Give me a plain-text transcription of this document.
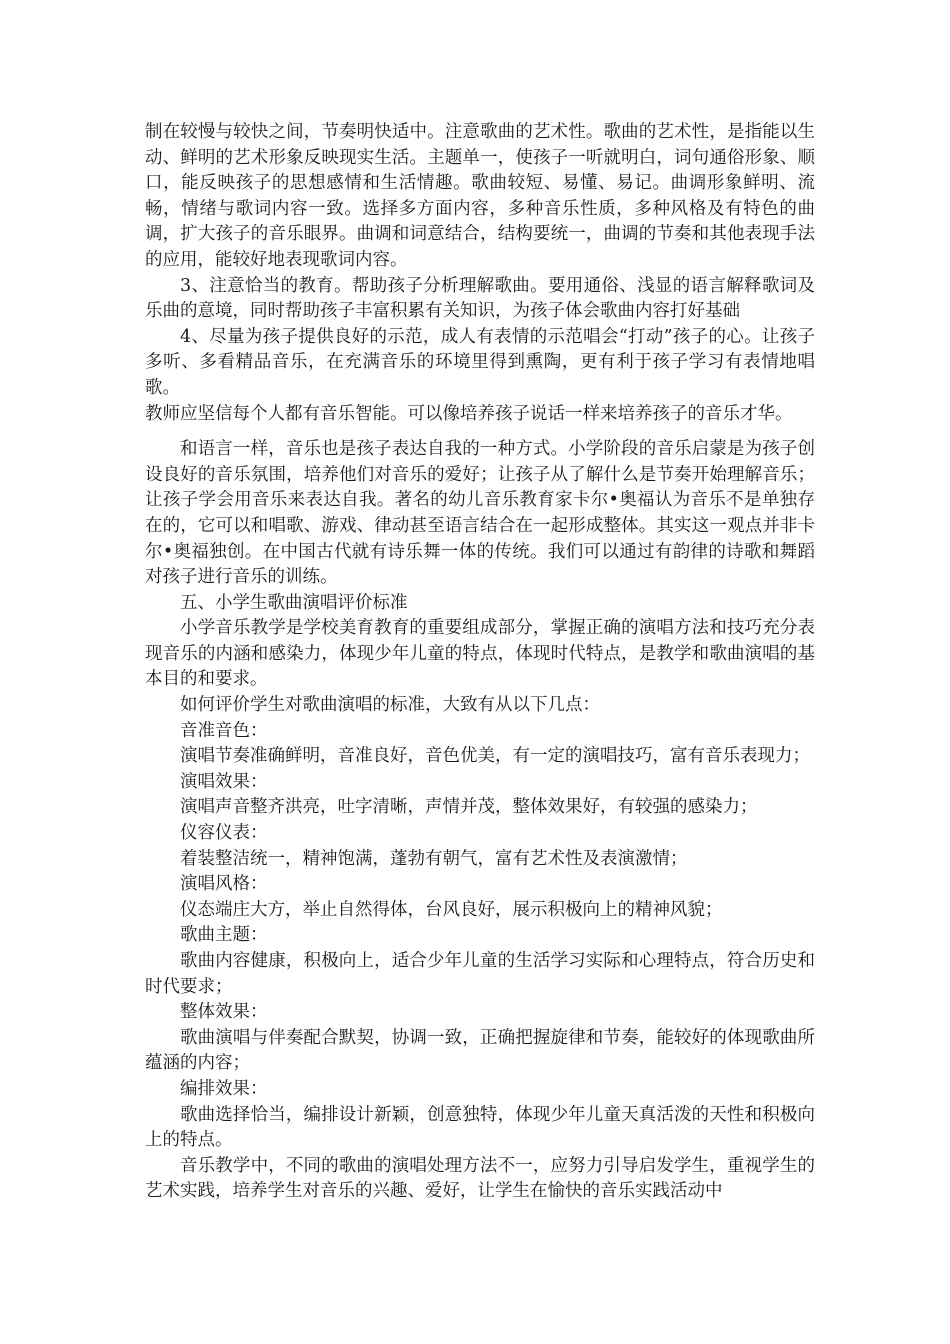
制在较慢与较快之间，节奏明快适中。注意歌曲的艺术性。歌曲的艺术性，是指能以生动、鲜明的艺术形象反映现实生活。主题单一，使孩子一听就明白，词句通俗形象、顺口，能反映孩子的思想感情和生活情趣。歌曲较短、易懂、易记。曲调形象鲜明、流畅，情绪与歌词内容一致。选择多方面内容，多种音乐性质，多种风格及有特色的曲调，扩大孩子的音乐眼界。曲调和词意结合，结构要统一，曲调的节奏和其他表现手法的应用，能较好地表现歌词内容。

3、注意恰当的教育。帮助孩子分析理解歌曲。要用通俗、浅显的语言解释歌词及乐曲的意境，同时帮助孩子丰富积累有关知识，为孩子体会歌曲内容打好基础

4、尽量为孩子提供良好的示范，成人有表情的示范唱会“打动”孩子的心。让孩子多听、多看精品音乐，在充满音乐的环境里得到熏陶，更有利于孩子学习有表情地唱歌。

教师应坚信每个人都有音乐智能。可以像培养孩子说话一样来培养孩子的音乐才华。

和语言一样，音乐也是孩子表达自我的一种方式。小学阶段的音乐启蒙是为孩子创设良好的音乐氛围，培养他们对音乐的爱好；让孩子从了解什么是节奏开始理解音乐；让孩子学会用音乐来表达自我。著名的幼儿音乐教育家卡尔•奥福认为音乐不是单独存在的，它可以和唱歌、游戏、律动甚至语言结合在一起形成整体。其实这一观点并非卡尔•奥福独创。在中国古代就有诗乐舞一体的传统。我们可以通过有韵律的诗歌和舞蹈对孩子进行音乐的训练。

五、小学生歌曲演唱评价标准

小学音乐教学是学校美育教育的重要组成部分，掌握正确的演唱方法和技巧充分表现音乐的内涵和感染力，体现少年儿童的特点，体现时代特点，是教学和歌曲演唱的基本目的和要求。

如何评价学生对歌曲演唱的标准，大致有从以下几点：

音准音色：

演唱节奏准确鲜明，音准良好，音色优美，有一定的演唱技巧，富有音乐表现力；

演唱效果：

演唱声音整齐洪亮，吐字清晰，声情并茂，整体效果好，有较强的感染力；

仪容仪表：

着装整洁统一，精神饱满，蓬勃有朝气，富有艺术性及表演激情；

演唱风格：

仪态端庄大方，举止自然得体，台风良好，展示积极向上的精神风貌；

歌曲主题：

歌曲内容健康，积极向上，适合少年儿童的生活学习实际和心理特点，符合历史和时代要求；

整体效果：

歌曲演唱与伴奏配合默契，协调一致，正确把握旋律和节奏，能较好的体现歌曲所蕴涵的内容；

编排效果：

歌曲选择恰当，编排设计新颖，创意独特，体现少年儿童天真活泼的天性和积极向上的特点。

音乐教学中，不同的歌曲的演唱处理方法不一，应努力引导启发学生，重视学生的艺术实践，培养学生对音乐的兴趣、爱好，让学生在愉快的音乐实践活动中
